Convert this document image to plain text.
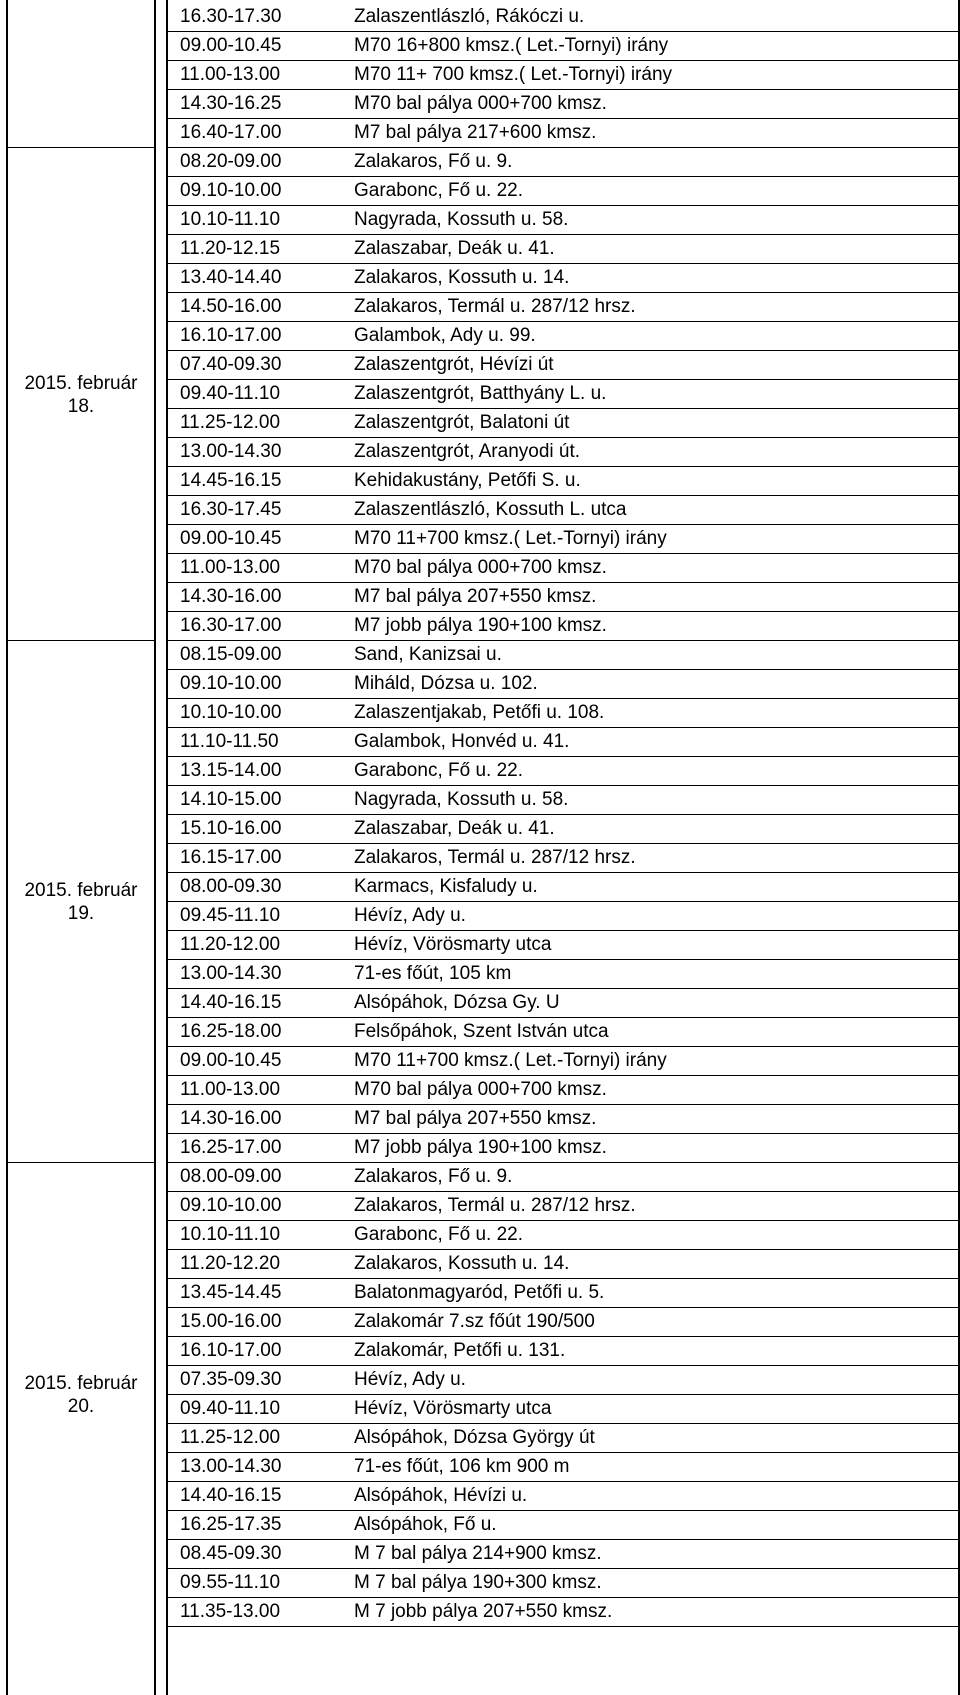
16.30-17.30	Zalaszentlászló, Rákóczi u.
09.00-10.45	M70 16+800 kmsz.( Let.-Tornyi) irány
11.00-13.00	M70 11+ 700 kmsz.( Let.-Tornyi) irány
14.30-16.25	M70 bal pálya 000+700 kmsz.
16.40-17.00	M7 bal pálya 217+600 kmsz.
2015. február
18.
08.20-09.00	Zalakaros, Fő u. 9.
09.10-10.00	Garabonc, Fő u. 22.
10.10-11.10	Nagyrada, Kossuth u. 58.
11.20-12.15	Zalaszabar, Deák u. 41.
13.40-14.40	Zalakaros, Kossuth u. 14.
14.50-16.00	Zalakaros, Termál u. 287/12 hrsz.
16.10-17.00	Galambok, Ady u. 99.
07.40-09.30	Zalaszentgrót, Hévízi út
09.40-11.10	Zalaszentgrót, Batthyány L. u.
11.25-12.00	Zalaszentgrót, Balatoni út
13.00-14.30	Zalaszentgrót, Aranyodi út.
14.45-16.15	Kehidakustány, Petőfi S. u.
16.30-17.45	Zalaszentlászló, Kossuth L. utca
09.00-10.45	M70 11+700 kmsz.( Let.-Tornyi) irány
11.00-13.00	M70 bal pálya 000+700 kmsz.
14.30-16.00	M7 bal pálya 207+550 kmsz.
16.30-17.00	M7 jobb pálya 190+100 kmsz.
2015. február
19.
08.15-09.00	Sand, Kanizsai u.
09.10-10.00	Miháld, Dózsa u. 102.
10.10-10.00	Zalaszentjakab, Petőfi u. 108.
11.10-11.50	Galambok, Honvéd u. 41.
13.15-14.00	Garabonc, Fő u. 22.
14.10-15.00	Nagyrada, Kossuth u. 58.
15.10-16.00	Zalaszabar, Deák u. 41.
16.15-17.00	Zalakaros, Termál u. 287/12 hrsz.
08.00-09.30	Karmacs, Kisfaludy u.
09.45-11.10	Hévíz, Ady u.
11.20-12.00	Hévíz, Vörösmarty utca
13.00-14.30	71-es főút, 105 km
14.40-16.15	Alsópáhok, Dózsa Gy. U
16.25-18.00	Felsőpáhok, Szent István utca
09.00-10.45	M70 11+700 kmsz.( Let.-Tornyi) irány
11.00-13.00	M70 bal pálya 000+700 kmsz.
14.30-16.00	M7 bal pálya 207+550 kmsz.
16.25-17.00	M7 jobb pálya 190+100 kmsz.
2015. február
20.
08.00-09.00	Zalakaros, Fő u. 9.
09.10-10.00	Zalakaros, Termál u. 287/12 hrsz.
10.10-11.10	Garabonc, Fő u. 22.
11.20-12.20	Zalakaros, Kossuth u. 14.
13.45-14.45	Balatonmagyaród, Petőfi u. 5.
15.00-16.00	Zalakomár 7.sz főút 190/500
16.10-17.00	Zalakomár, Petőfi u. 131.
07.35-09.30	Hévíz, Ady u.
09.40-11.10	Hévíz, Vörösmarty utca
11.25-12.00	Alsópáhok, Dózsa György út
13.00-14.30	71-es főút, 106 km 900 m
14.40-16.15	Alsópáhok, Hévízi u.
16.25-17.35	Alsópáhok, Fő u.
08.45-09.30	M 7 bal pálya 214+900 kmsz.
09.55-11.10	M 7 bal pálya 190+300 kmsz.
11.35-13.00	M 7 jobb pálya 207+550 kmsz.
